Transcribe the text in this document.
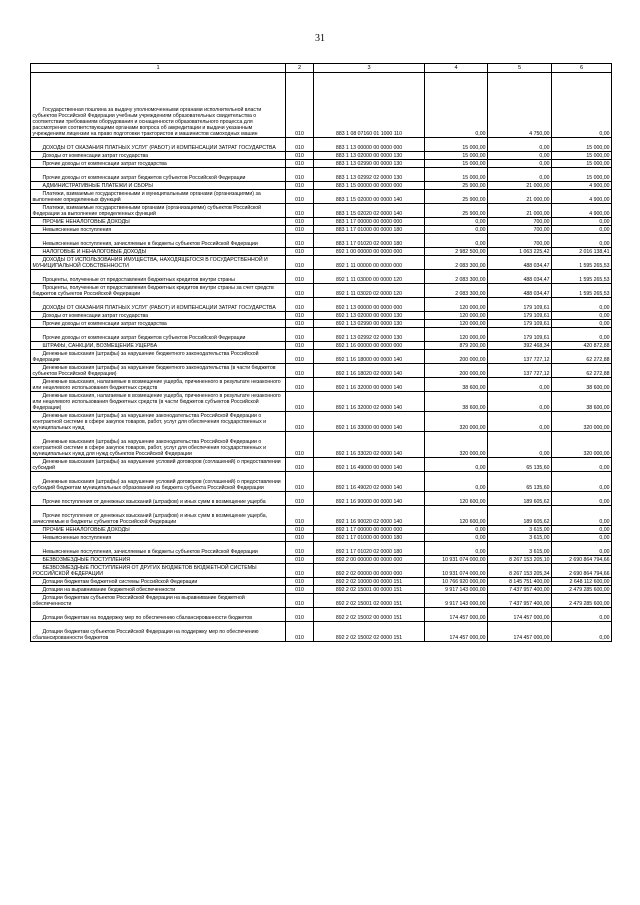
31
1	2	3	4	5	6
Государственная пошлина за выдачу уполномоченными органами исполнительной власти субъектов Российской Федерации учебным учреждениям образовательных свидетельства о соответствии требованиям оборудования и оснащенности образовательного процесса для рассмотрения соответствующими органами вопроса об аккредитации и выдачи указанным учреждениям лицензии на право подготовки трактористов и машинистов самоходных машин	010	883 1 08 07160 01 1000 110	0,00	4 750,00	0,00
ДОХОДЫ ОТ ОКАЗАНИЯ ПЛАТНЫХ УСЛУГ (РАБОТ) И КОМПЕНСАЦИИ ЗАТРАТ ГОСУДАРСТВА	010	883 1 13 00000 00 0000 000	15 000,00	0,00	15 000,00
Доходы от компенсации затрат государства	010	883 1 13 02000 00 0000 130	15 000,00	0,00	15 000,00
Прочие доходы от компенсации затрат государства	010	883 1 13 02990 00 0000 130	15 000,00	0,00	15 000,00
Прочие доходы от компенсации затрат бюджетов субъектов Российской Федерации	010	883 1 13 02992 02 0000 130	15 000,00	0,00	15 000,00
АДМИНИСТРАТИВНЫЕ ПЛАТЕЖИ И СБОРЫ	010	883 1 15 00000 00 0000 000	25 900,00	21 000,00	4 900,00
Платежи, взимаемые государственными и муниципальными органами (организациями) за выполнение определенных функций	010	883 1 15 02000 00 0000 140	25 900,00	21 000,00	4 900,00
Платежи, взимаемые государственными органами (организациями) субъектов Российской Федерации за выполнение определенных функций	010	883 1 15 02020 02 0000 140	25 900,00	21 000,00	4 900,00
ПРОЧИЕ НЕНАЛОГОВЫЕ ДОХОДЫ	010	883 1 17 00000 00 0000 000	0,00	700,00	0,00
Невыясненные поступления	010	883 1 17 01000 00 0000 180	0,00	700,00	0,00
Невыясненные поступления, зачисляемые в бюджеты субъектов Российской Федерации	010	883 1 17 01020 02 0000 180	0,00	700,00	0,00
НАЛОГОВЫЕ И НЕНАЛОГОВЫЕ ДОХОДЫ	010	892 1 00 00000 00 0000 000	2 982 500,00	1 063 225,42	2 016 138,41
ДОХОДЫ ОТ ИСПОЛЬЗОВАНИЯ ИМУЩЕСТВА, НАХОДЯЩЕГОСЯ В ГОСУДАРСТВЕННОЙ И МУНИЦИПАЛЬНОЙ СОБСТВЕННОСТИ	010	892 1 11 00000 00 0000 000	2 083 300,00	488 034,47	1 595 265,53
Проценты, полученные от предоставления бюджетных кредитов внутри страны	010	892 1 11 03000 00 0000 120	2 083 300,00	488 034,47	1 595 265,53
Проценты, полученные от предоставления бюджетных кредитов внутри страны за счет средств бюджетов субъектов Российской Федерации	010	892 1 11 03020 02 0000 120	2 083 300,00	488 034,47	1 595 265,53
ДОХОДЫ ОТ ОКАЗАНИЯ ПЛАТНЫХ УСЛУГ (РАБОТ) И КОМПЕНСАЦИИ ЗАТРАТ ГОСУДАРСТВА	010	892 1 13 00000 00 0000 000	120 000,00	179 109,61	0,00
Доходы от компенсации затрат государства	010	892 1 13 02000 00 0000 130	120 000,00	179 109,61	0,00
Прочие доходы от компенсации затрат государства	010	892 1 13 02990 00 0000 130	120 000,00	179 109,61	0,00
Прочие доходы от компенсации затрат бюджетов субъектов Российской Федерации	010	892 1 13 02992 02 0000 130	120 000,00	179 109,61	0,00
ШТРАФЫ, САНКЦИИ, ВОЗМЕЩЕНИЕ УЩЕРБА	010	892 1 16 00000 00 0000 000	879 200,00	392 468,34	420 872,88
Денежные взыскания (штрафы) за нарушение бюджетного законодательства Российской Федерации	010	892 1 16 18000 00 0000 140	200 000,00	137 727,12	62 272,88
Денежные взыскания (штрафы) за нарушение бюджетного законодательства (в части бюджетов субъектов Российской Федерации)	010	892 1 16 18020 02 0000 140	200 000,00	137 727,12	62 272,88
Денежные взыскания, налагаемые в возмещение ущерба, причиненного в результате незаконного или нецелевого использования бюджетных средств	010	892 1 16 32000 00 0000 140	38 600,00	0,00	38 600,00
Денежные взыскания, налагаемые в возмещение ущерба, причиненного в результате незаконного или нецелевого использования бюджетных средств (в части бюджетов субъектов Российской Федерации)	010	892 1 16 32000 02 0000 140	38 600,00	0,00	38 600,00
Денежные взыскания (штрафы) за нарушение законодательства Российской Федерации о контрактной системе в сфере закупок товаров, работ, услуг для обеспечения государственных и муниципальных нужд	010	892 1 16 33000 00 0000 140	320 000,00	0,00	320 000,00
Денежные взыскания (штрафы) за нарушение законодательства Российской Федерации о контрактной системе в сфере закупок товаров, работ, услуг для обеспечения государственных и муниципальных нужд для нужд субъектов Российской Федерации	010	892 1 16 33020 02 0000 140	320 000,00	0,00	320 000,00
Денежные взыскания (штрафы) за нарушение условий договоров (соглашений) о предоставлении субсидий	010	892 1 16 49000 00 0000 140	0,00	65 135,60	0,00
Денежные взыскания (штрафы) за нарушение условий договоров (соглашений) о предоставлении субсидий бюджетам муниципальных образований из бюджета субъекта Российской Федерации	010	892 1 16 49020 02 0000 140	0,00	65 135,60	0,00
Прочие поступления от денежных взысканий (штрафов) и иных сумм в возмещение ущерба	010	892 1 16 90000 00 0000 140	120 600,00	189 605,62	0,00
Прочие поступления от денежных взысканий (штрафов) и иных сумм в возмещение ущерба, зачисляемые в бюджеты субъектов Российской Федерации	010	892 1 16 90020 02 0000 140	120 600,00	189 605,62	0,00
ПРОЧИЕ НЕНАЛОГОВЫЕ ДОХОДЫ	010	892 1 17 00000 00 0000 000	0,00	3 615,00	0,00
Невыясненные поступления	010	892 1 17 01000 00 0000 180	0,00	3 615,00	0,00
Невыясненные поступления, зачисляемые в бюджеты субъектов Российской Федерации	010	892 1 17 01020 02 0000 180	0,00	3 615,00	0,00
БЕЗВОЗМЕЗДНЫЕ ПОСТУПЛЕНИЯ	010	892 2 00 00000 00 0000 000	10 931 074 000,00	8 267 153 205,10	2 690 864 794,66
БЕЗВОЗМЕЗДНЫЕ ПОСТУПЛЕНИЯ ОТ ДРУГИХ БЮДЖЕТОВ БЮДЖЕТНОЙ СИСТЕМЫ РОССИЙСКОЙ ФЕДЕРАЦИИ	010	892 2 02 00000 00 0000 000	10 931 074 000,00	8 267 153 205,34	2 690 864 794,66
Дотации бюджетам бюджетной системы Российской Федерации	010	892 2 02 10000 00 0000 151	10 766 920 000,00	8 145 751 400,00	2 648 112 600,00
Дотации на выравнивание бюджетной обеспеченности	010	892 2 02 15001 00 0000 151	9 917 143 000,00	7 437 957 400,00	2 479 285 600,00
Дотации бюджетам субъектов Российской Федерации на выравнивание бюджетной обеспеченности	010	892 2 02 15001 02 0000 151	9 917 143 000,00	7 437 957 400,00	2 479 285 600,00
Дотации бюджетам на поддержку мер по обеспечению сбалансированности бюджетов	010	892 2 02 15002 00 0000 151	174 457 000,00	174 457 000,00	0,00
Дотации бюджетам субъектов Российской Федерации на поддержку мер по обеспечению сбалансированности бюджетов	010	892 2 02 15002 02 0000 151	174 457 000,00	174 457 000,00	0,00
